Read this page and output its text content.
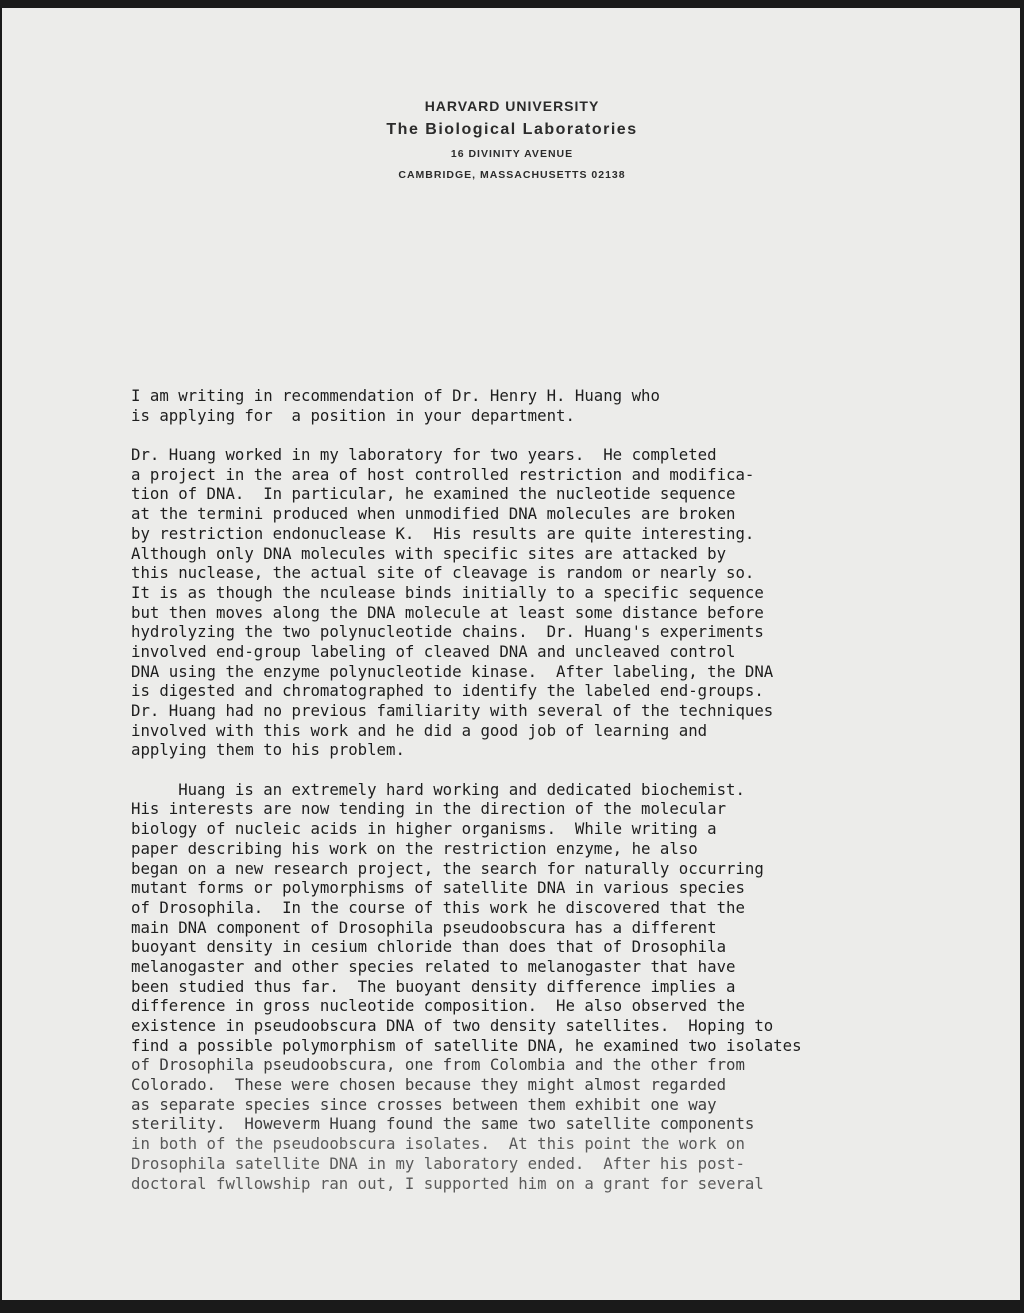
HARVARD UNIVERSITY
The Biological Laboratories
16 DIVINITY AVENUE
CAMBRIDGE, MASSACHUSETTS 02138
I am writing in recommendation of Dr. Henry H. Huang who
is applying for  a position in your department.
Dr. Huang worked in my laboratory for two years.  He completed
a project in the area of host controlled restriction and modifica-
tion of DNA.  In particular, he examined the nucleotide sequence
at the termini produced when unmodified DNA molecules are broken
by restriction endonuclease K.  His results are quite interesting.
Although only DNA molecules with specific sites are attacked by
this nuclease, the actual site of cleavage is random or nearly so.
It is as though the nculease binds initially to a specific sequence
but then moves along the DNA molecule at least some distance before
hydrolyzing the two polynucleotide chains.  Dr. Huang's experiments
involved end-group labeling of cleaved DNA and uncleaved control
DNA using the enzyme polynucleotide kinase.  After labeling, the DNA
is digested and chromatographed to identify the labeled end-groups.
Dr. Huang had no previous familiarity with several of the techniques
involved with this work and he did a good job of learning and
applying them to his problem.
Huang is an extremely hard working and dedicated biochemist.
His interests are now tending in the direction of the molecular
biology of nucleic acids in higher organisms.  While writing a
paper describing his work on the restriction enzyme, he also
began on a new research project, the search for naturally occurring
mutant forms or polymorphisms of satellite DNA in various species
of Drosophila.  In the course of this work he discovered that the
main DNA component of Drosophila pseudoobscura has a different
buoyant density in cesium chloride than does that of Drosophila
melanogaster and other species related to melanogaster that have
been studied thus far.  The buoyant density difference implies a
difference in gross nucleotide composition.  He also observed the
existence in pseudoobscura DNA of two density satellites.  Hoping to
find a possible polymorphism of satellite DNA, he examined two isolates
of Drosophila pseudoobscura, one from Colombia and the other from
Colorado.  These were chosen because they might almost regarded
as separate species since crosses between them exhibit one way
sterility.  Howeverm Huang found the same two satellite components
in both of the pseudoobscura isolates.  At this point the work on
Drosophila satellite DNA in my laboratory ended.  After his post-
doctoral fwllowship ran out, I supported him on a grant for several
